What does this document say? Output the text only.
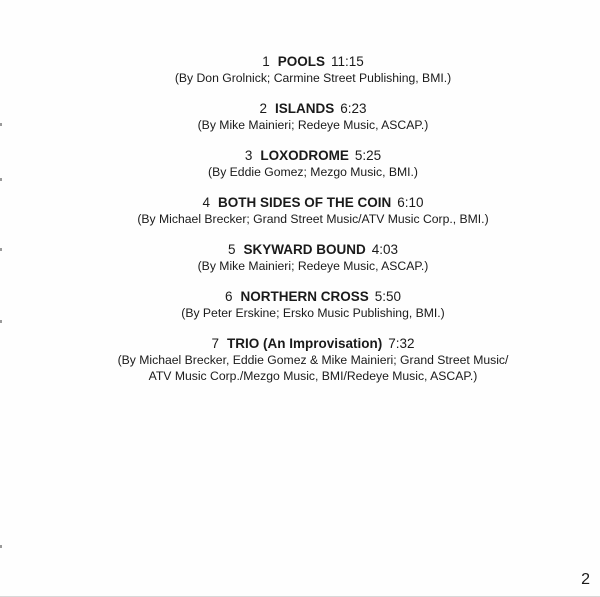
1 POOLS 11:15
(By Don Grolnick; Carmine Street Publishing, BMI.)
2 ISLANDS 6:23
(By Mike Mainieri; Redeye Music, ASCAP.)
3 LOXODROME 5:25
(By Eddie Gomez; Mezgo Music, BMI.)
4 BOTH SIDES OF THE COIN 6:10
(By Michael Brecker; Grand Street Music/ATV Music Corp., BMI.)
5 SKYWARD BOUND 4:03
(By Mike Mainieri; Redeye Music, ASCAP.)
6 NORTHERN CROSS 5:50
(By Peter Erskine; Ersko Music Publishing, BMI.)
7 TRIO (An Improvisation) 7:32
(By Michael Brecker, Eddie Gomez & Mike Mainieri; Grand Street Music/
ATV Music Corp./Mezgo Music, BMI/Redeye Music, ASCAP.)
2
